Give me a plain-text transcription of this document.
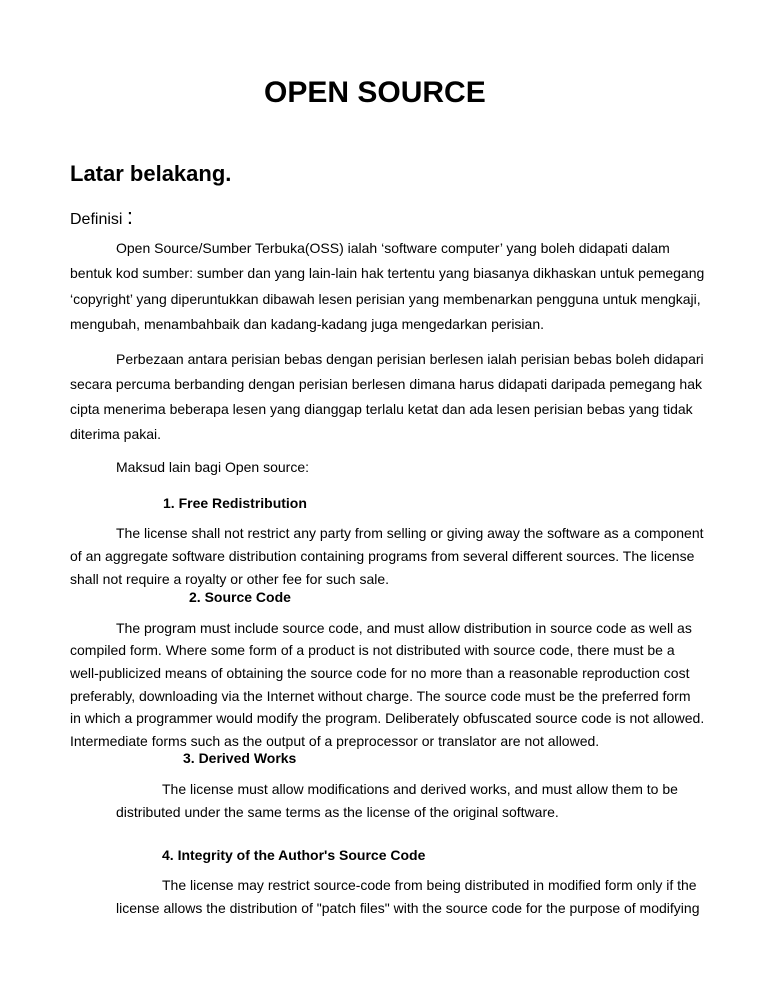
OPEN SOURCE
Latar belakang.
Definisi :

Open Source/Sumber Terbuka(OSS) ialah ‘software computer’ yang boleh didapati dalam

bentuk kod sumber: sumber dan yang lain-lain hak tertentu yang biasanya dikhaskan untuk pemegang

‘copyright’ yang diperuntukkan dibawah lesen perisian yang membenarkan pengguna untuk mengkaji,

mengubah, menambahbaik dan kadang-kadang juga mengedarkan perisian.

Perbezaan antara perisian bebas dengan perisian berlesen ialah perisian bebas boleh didapari

secara percuma berbanding dengan perisian berlesen dimana harus didapati daripada pemegang hak

cipta menerima beberapa lesen yang dianggap terlalu ketat dan ada lesen perisian bebas yang tidak

diterima pakai.

Maksud lain bagi Open source:

1. Free Redistribution

The license shall not restrict any party from selling or giving away the software as a component

of an aggregate software distribution containing programs from several different sources. The license

shall not require a royalty or other fee for such sale.

2. Source Code

The program must include source code, and must allow distribution in source code as well as

compiled form. Where some form of a product is not distributed with source code, there must be a

well-publicized means of obtaining the source code for no more than a reasonable reproduction cost

preferably, downloading via the Internet without charge. The source code must be the preferred form

in which a programmer would modify the program. Deliberately obfuscated source code is not allowed.

Intermediate forms such as the output of a preprocessor or translator are not allowed.

3. Derived Works

The license must allow modifications and derived works, and must allow them to be

distributed under the same terms as the license of the original software.

4. Integrity of the Author's Source Code

The license may restrict source-code from being distributed in modified form only if the

license allows the distribution of "patch files" with the source code for the purpose of modifying
